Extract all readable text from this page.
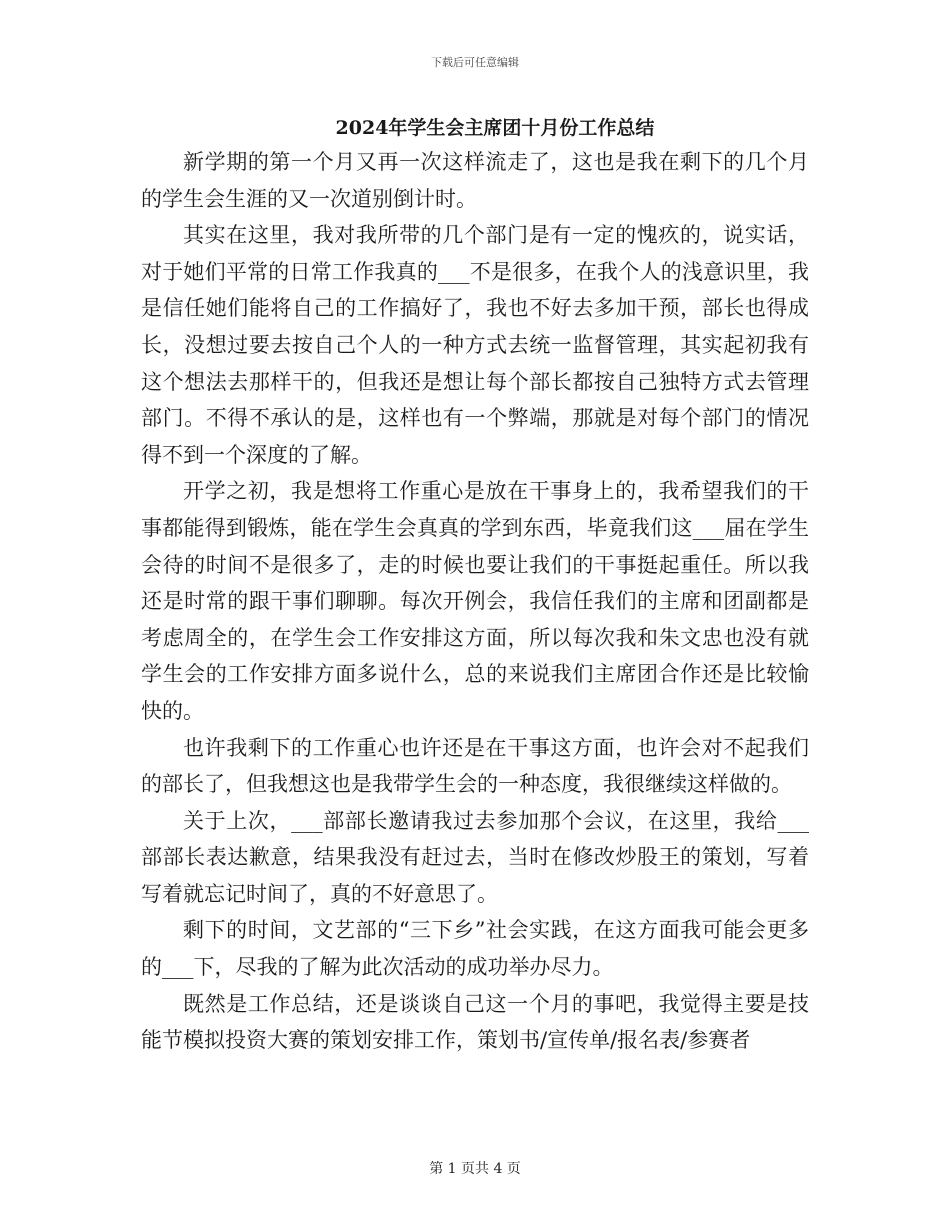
下载后可任意编辑
2024年学生会主席团十月份工作总结

新学期的第一个月又再一次这样流走了，这也是我在剩下的几个月的学生会生涯的又一次道别倒计时。

其实在这里，我对我所带的几个部门是有一定的愧疚的，说实话，对于她们平常的日常工作我真的___不是很多，在我个人的浅意识里，我是信任她们能将自己的工作搞好了，我也不好去多加干预，部长也得成长，没想过要去按自己个人的一种方式去统一监督管理，其实起初我有这个想法去那样干的，但我还是想让每个部长都按自己独特方式去管理部门。不得不承认的是，这样也有一个弊端，那就是对每个部门的情况得不到一个深度的了解。

开学之初，我是想将工作重心是放在干事身上的，我希望我们的干事都能得到锻炼，能在学生会真真的学到东西，毕竟我们这___届在学生会待的时间不是很多了，走的时候也要让我们的干事挺起重任。所以我还是时常的跟干事们聊聊。每次开例会，我信任我们的主席和团副都是考虑周全的，在学生会工作安排这方面，所以每次我和朱文忠也没有就学生会的工作安排方面多说什么，总的来说我们主席团合作还是比较愉快的。

也许我剩下的工作重心也许还是在干事这方面，也许会对不起我们的部长了，但我想这也是我带学生会的一种态度，我很继续这样做的。

关于上次，___部部长邀请我过去参加那个会议，在这里，我给___部部长表达歉意，结果我没有赶过去，当时在修改炒股王的策划，写着写着就忘记时间了，真的不好意思了。

剩下的时间，文艺部的“三下乡”社会实践，在这方面我可能会更多的___下，尽我的了解为此次活动的成功举办尽力。

既然是工作总结，还是谈谈自己这一个月的事吧，我觉得主要是技能节模拟投资大赛的策划安排工作，策划书/宣传单/报名表/参赛者

第 1 页共 4 页
